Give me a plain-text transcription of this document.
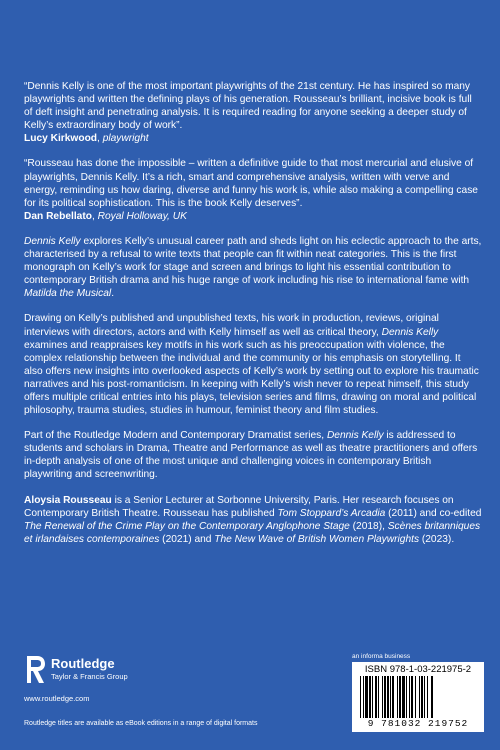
“Dennis Kelly is one of the most important playwrights of the 21st century. He has inspired so many playwrights and written the defining plays of his generation. Rousseau’s brilliant, incisive book is full of deft insight and penetrating analysis. It is required reading for anyone seeking a deeper study of Kelly’s extraordinary body of work”.

Lucy Kirkwood, playwright

“Rousseau has done the impossible – written a definitive guide to that most mercurial and elusive of playwrights, Dennis Kelly. It’s a rich, smart and comprehensive analysis, written with verve and energy, reminding us how daring, diverse and funny his work is, while also making a compelling case for its political sophistication. This is the book Kelly deserves”.

Dan Rebellato, Royal Holloway, UK

Dennis Kelly explores Kelly’s unusual career path and sheds light on his eclectic approach to the arts, characterised by a refusal to write texts that people can fit within neat categories. This is the first monograph on Kelly’s work for stage and screen and brings to light his essential contribution to contemporary British drama and his huge range of work including his rise to international fame with Matilda the Musical.

Drawing on Kelly’s published and unpublished texts, his work in production, reviews, original interviews with directors, actors and with Kelly himself as well as critical theory, Dennis Kelly examines and reappraises key motifs in his work such as his preoccupation with violence, the complex relationship between the individual and the community or his emphasis on storytelling. It also offers new insights into overlooked aspects of Kelly’s work by setting out to explore his traumatic narratives and his post-romanticism. In keeping with Kelly’s wish never to repeat himself, this study offers multiple critical entries into his plays, television series and films, drawing on moral and political philosophy, trauma studies, studies in humour, feminist theory and film studies.

Part of the Routledge Modern and Contemporary Dramatist series, Dennis Kelly is addressed to students and scholars in Drama, Theatre and Performance as well as theatre practitioners and offers in-depth analysis of one of the most unique and challenging voices in contemporary British playwriting and screenwriting.

Aloysia Rousseau is a Senior Lecturer at Sorbonne University, Paris. Her research focuses on Contemporary British Theatre. Rousseau has published Tom Stoppard’s Arcadia (2011) and co-edited The Renewal of the Crime Play on the Contemporary Anglophone Stage (2018), Scènes britanniques et irlandaises contemporaines (2021) and The New Wave of British Women Playwrights (2023).

Routledge
Taylor & Francis Group
www.routledge.com
Routledge titles are available as eBook editions in a range of digital formats
an informa business
ISBN 978-1-03-221975-2
9 781032 219752
